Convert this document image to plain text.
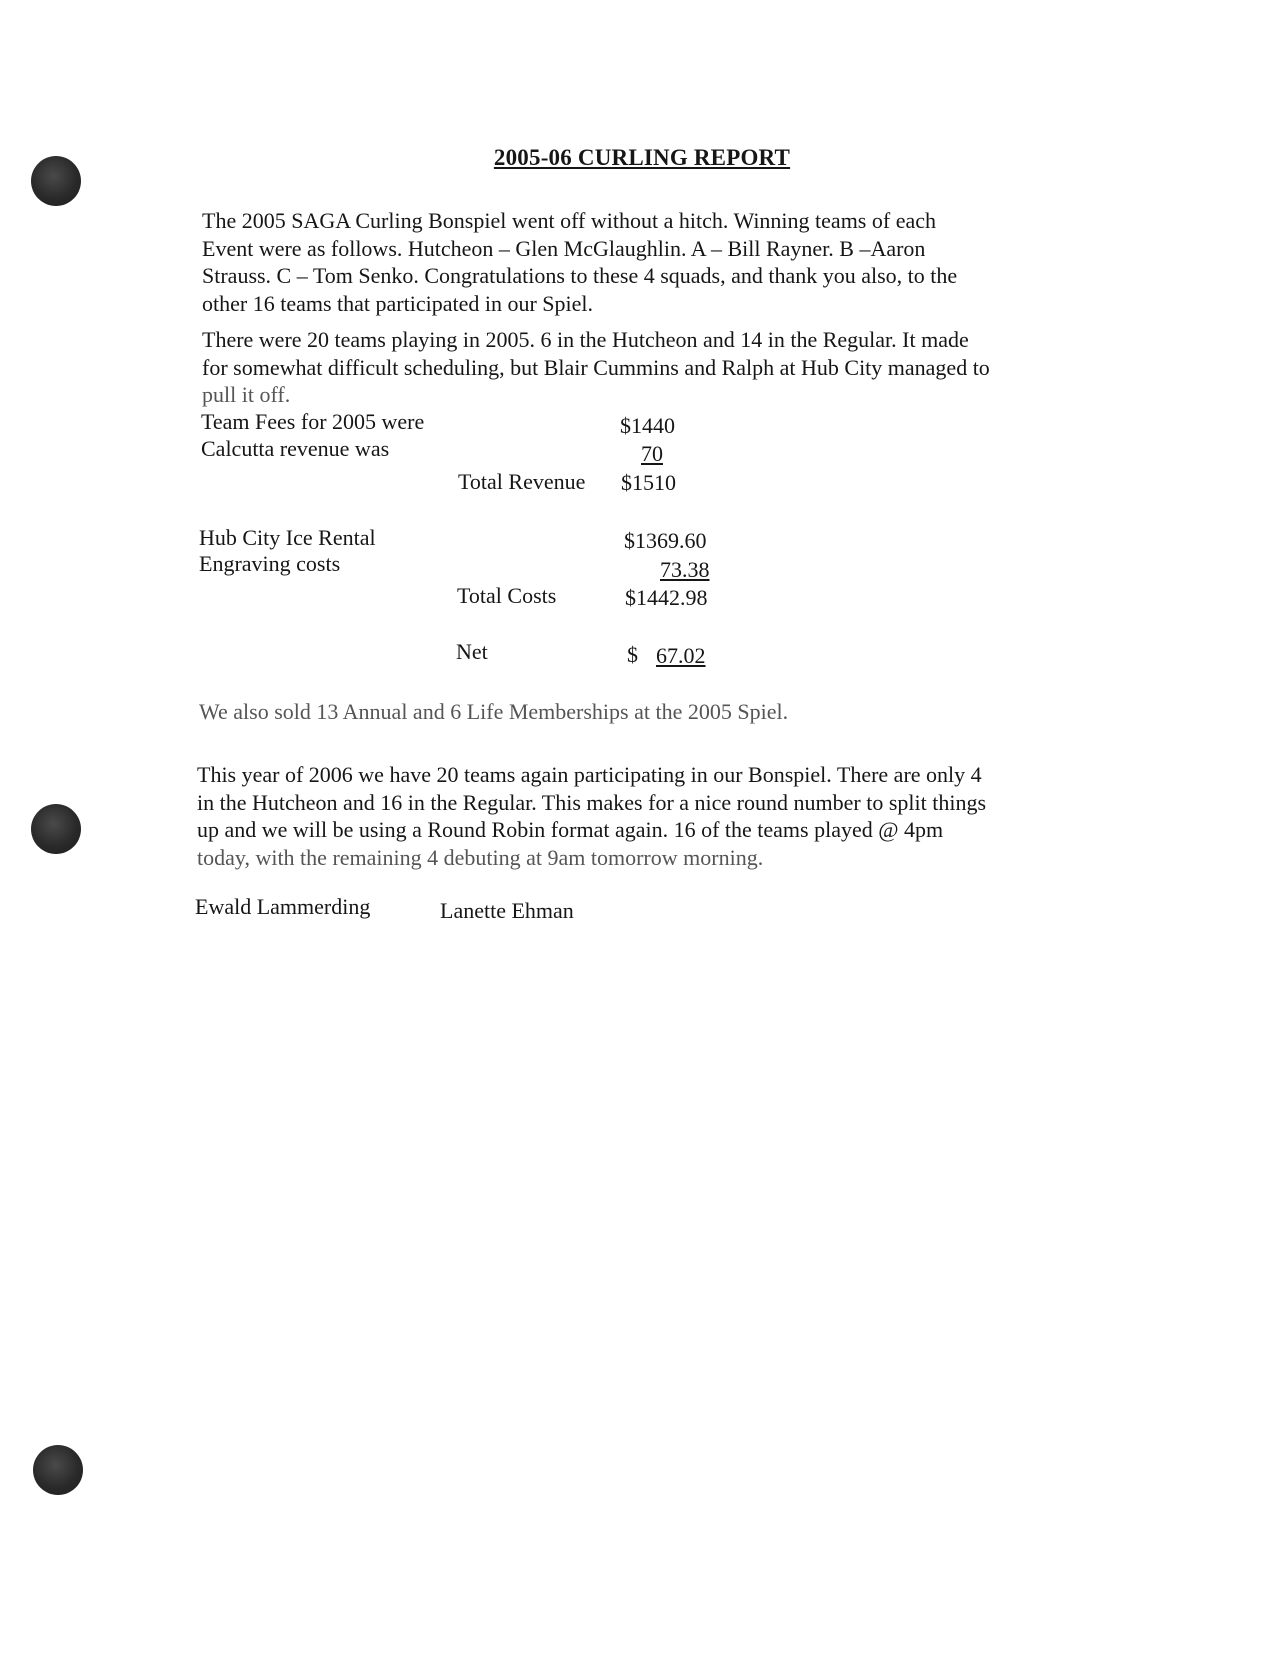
2005-06 CURLING REPORT
The 2005 SAGA Curling Bonspiel went off without a hitch. Winning teams of each
Event were as follows. Hutcheon – Glen McGlaughlin. A – Bill Rayner. B –Aaron
Strauss. C – Tom Senko. Congratulations to these 4 squads, and thank you also, to the
other 16 teams that participated in our Spiel.
There were 20 teams playing in 2005. 6 in the Hutcheon and 14 in the Regular. It made
for somewhat difficult scheduling, but Blair Cummins and Ralph at Hub City managed to
pull it off.
Team Fees for 2005 were	$1440
Calcutta revenue was	70
Total Revenue $1510
Hub City Ice Rental	$1369.60
Engraving costs	73.38
Total Costs	$1442.98
Net	$ 67.02
We also sold 13 Annual and 6 Life Memberships at the 2005 Spiel.
This year of 2006 we have 20 teams again participating in our Bonspiel. There are only 4
in the Hutcheon and 16 in the Regular. This makes for a nice round number to split things
up and we will be using a Round Robin format again. 16 of the teams played @ 4pm
today, with the remaining 4 debuting at 9am tomorrow morning.
Ewald Lammerding	Lanette Ehman
